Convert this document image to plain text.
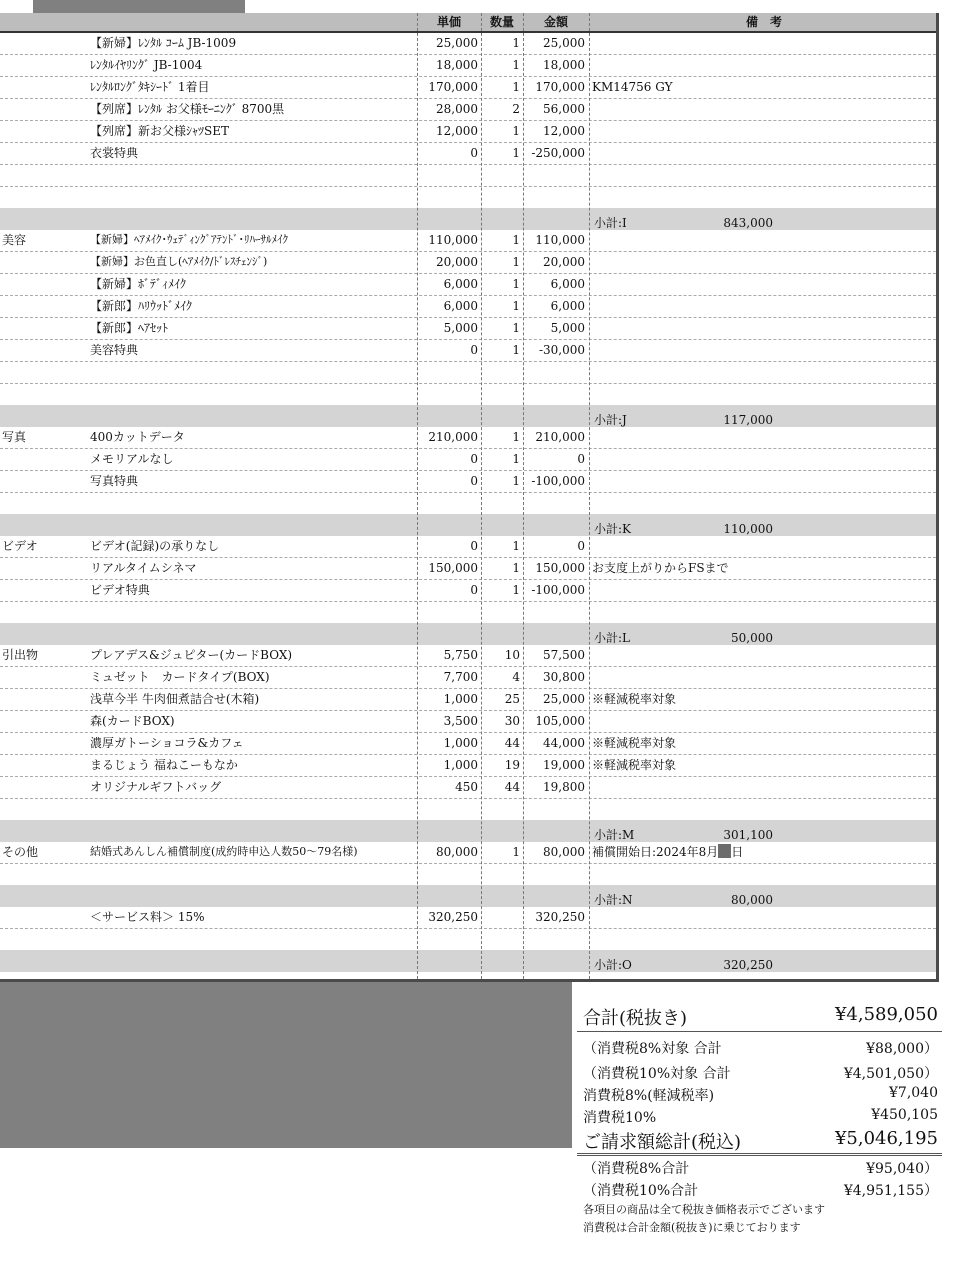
単価	数量	金額	備　考
【新婦】ﾚﾝﾀﾙ ｺｰﾑ JB-1009	25,000	1	25,000
ﾚﾝﾀﾙｲﾔﾘﾝｸﾞ JB-1004	18,000	1	18,000
ﾚﾝﾀﾙﾛﾝｸﾞﾀｷｼｰﾄﾞ 1着目	170,000	1	170,000 KM14756 GY
【列席】ﾚﾝﾀﾙ お父様ﾓｰﾆﾝｸﾞ 8700黒	28,000	2	56,000
【列席】新お父様ｼｬﾂSET	12,000	1	12,000
衣裳特典	0	1 -250,000
小計:I	843,000
美容	【新婦】ﾍｱﾒｲｸ･ｳｪﾃﾞｨﾝｸﾞｱﾃﾝﾄﾞ･ﾘﾊｰｻﾙﾒｲｸ	110,000	1	110,000
【新婦】お色直し(ﾍｱﾒｲｸ/ﾄﾞﾚｽﾁｪﾝｼﾞ)	20,000	1	20,000
【新婦】ﾎﾞﾃﾞｨﾒｲｸ	6,000	1	6,000
【新郎】ﾊﾘｳｯﾄﾞﾒｲｸ	6,000	1	6,000
【新郎】ﾍｱｾｯﾄ	5,000	1	5,000
美容特典	0	1	-30,000
小計:J	117,000
写真	400カットデータ	210,000	1	210,000
メモリアルなし	0	1	0
写真特典	0	1 -100,000
小計:K	110,000
ビデオ	ビデオ(記録)の承りなし	0	1	0
リアルタイムシネマ	150,000	1	150,000 お支度上がりからFSまで
ビデオ特典	0	1 -100,000
小計:L	50,000
引出物	プレアデス&ジュピター(カードBOX)	5,750	10	57,500
ミュゼット　カードタイプ(BOX)	7,700	4	30,800
浅草今半 牛肉佃煮詰合せ(木箱)	1,000	25	25,000 ※軽減税率対象
森(カードBOX)	3,500	30	105,000
濃厚ガトーショコラ&カフェ	1,000	44	44,000 ※軽減税率対象
まるじょう 福ねこーもなか	1,000	19	19,000 ※軽減税率対象
オリジナルギフトバッグ	450	44	19,800
小計:M	301,100
その他	結婚式あんしん補償制度(成約時申込人数50〜79名様)	80,000	1	80,000 補償開始日:2024年8月 日
小計:N	80,000
＜サービス料＞ 15%	320,250	320,250
小計:O	320,250
合計(税抜き)	¥4,589,050
（消費税8%対象 合計	¥88,000）
（消費税10%対象 合計	¥4,501,050）
消費税8%(軽減税率)	¥7,040
消費税10%	¥450,105
ご請求額総計(税込)	¥5,046,195
（消費税8%合計	¥95,040）
（消費税10%合計	¥4,951,155）
各項目の商品は全て税抜き価格表示でございます
消費税は合計金額(税抜き)に乗じております
